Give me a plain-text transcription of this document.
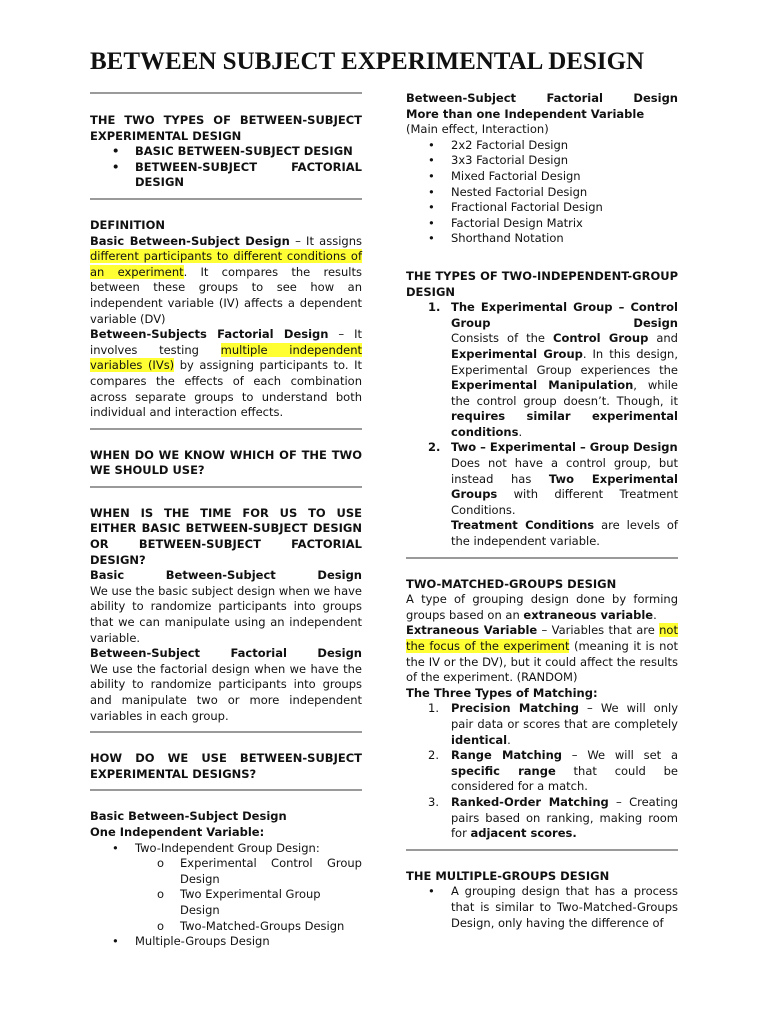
BETWEEN SUBJECT EXPERIMENTAL DESIGN

THE TWO TYPES OF BETWEEN-SUBJECT EXPERIMENTAL DESIGN

• BASIC BETWEEN-SUBJECT DESIGN
• BETWEEN-SUBJECT FACTORIAL DESIGN

DEFINITION

Basic Between-Subject Design – It assigns different participants to different conditions of an experiment. It compares the results between these groups to see how an independent variable (IV) affects a dependent variable (DV)

Between-Subjects Factorial Design – It involves testing multiple independent variables (IVs) by assigning participants to. It compares the effects of each combination across separate groups to understand both individual and interaction effects.

WHEN DO WE KNOW WHICH OF THE TWO WE SHOULD USE?

WHEN IS THE TIME FOR US TO USE EITHER BASIC BETWEEN-SUBJECT DESIGN OR BETWEEN-SUBJECT FACTORIAL DESIGN?

Basic Between-Subject Design

We use the basic subject design when we have ability to randomize participants into groups that we can manipulate using an independent variable.

Between-Subject Factorial Design

We use the factorial design when we have the ability to randomize participants into groups and manipulate two or more independent variables in each group.

HOW DO WE USE BETWEEN-SUBJECT EXPERIMENTAL DESIGNS?

Basic Between-Subject Design

One Independent Variable:

• Two-Independent Group Design:
o Experimental Control Group Design
o Two Experimental Group Design
o Two-Matched-Groups Design
• Multiple-Groups Design

Between-Subject Factorial Design

More than one Independent Variable (Main effect, Interaction)

• 2x2 Factorial Design
• 3x3 Factorial Design
• Mixed Factorial Design
• Nested Factorial Design
• Fractional Factorial Design
• Factorial Design Matrix
• Shorthand Notation

THE TYPES OF TWO-INDEPENDENT-GROUP DESIGN

1. The Experimental Group – Control Group Design

Consists of the Control Group and Experimental Group. In this design, Experimental Group experiences the Experimental Manipulation, while the control group doesn’t. Though, it requires similar experimental conditions.

2. Two – Experimental – Group Design

Does not have a control group, but instead has Two Experimental Groups with different Treatment Conditions.

Treatment Conditions are levels of the independent variable.

TWO-MATCHED-GROUPS DESIGN

A type of grouping design done by forming groups based on an extraneous variable.

Extraneous Variable – Variables that are not the focus of the experiment (meaning it is not the IV or the DV), but it could affect the results of the experiment. (RANDOM)

The Three Types of Matching:

1. Precision Matching – We will only pair data or scores that are completely identical.
2. Range Matching – We will set a specific range that could be considered for a match.
3. Ranked-Order Matching – Creating pairs based on ranking, making room for adjacent scores.

THE MULTIPLE-GROUPS DESIGN

• A grouping design that has a process that is similar to Two-Matched-Groups Design, only having the difference of
